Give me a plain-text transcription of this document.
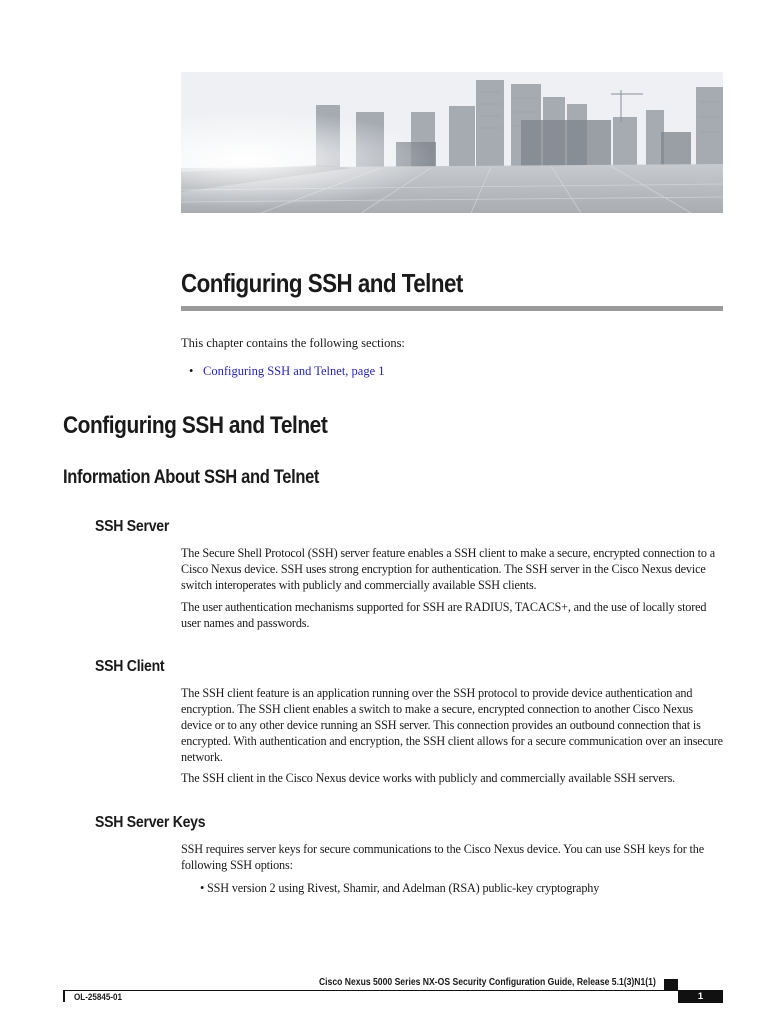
Configuring SSH and Telnet

This chapter contains the following sections:

• Configuring SSH and Telnet, page 1
Configuring SSH and Telnet
Information About SSH and Telnet
SSH Server

The Secure Shell Protocol (SSH) server feature enables a SSH client to make a secure, encrypted connection to a Cisco Nexus device. SSH uses strong encryption for authentication. The SSH server in the Cisco Nexus device switch interoperates with publicly and commercially available SSH clients.

The user authentication mechanisms supported for SSH are RADIUS, TACACS+, and the use of locally stored user names and passwords.

SSH Client

The SSH client feature is an application running over the SSH protocol to provide device authentication and encryption. The SSH client enables a switch to make a secure, encrypted connection to another Cisco Nexus device or to any other device running an SSH server. This connection provides an outbound connection that is encrypted. With authentication and encryption, the SSH client allows for a secure communication over an insecure network.

The SSH client in the Cisco Nexus device works with publicly and commercially available SSH servers.

SSH Server Keys

SSH requires server keys for secure communications to the Cisco Nexus device. You can use SSH keys for the following SSH options:

• SSH version 2 using Rivest, Shamir, and Adelman (RSA) public-key cryptography

Cisco Nexus 5000 Series NX-OS Security Configuration Guide, Release 5.1(3)N1(1)

OL-25845-01	1
